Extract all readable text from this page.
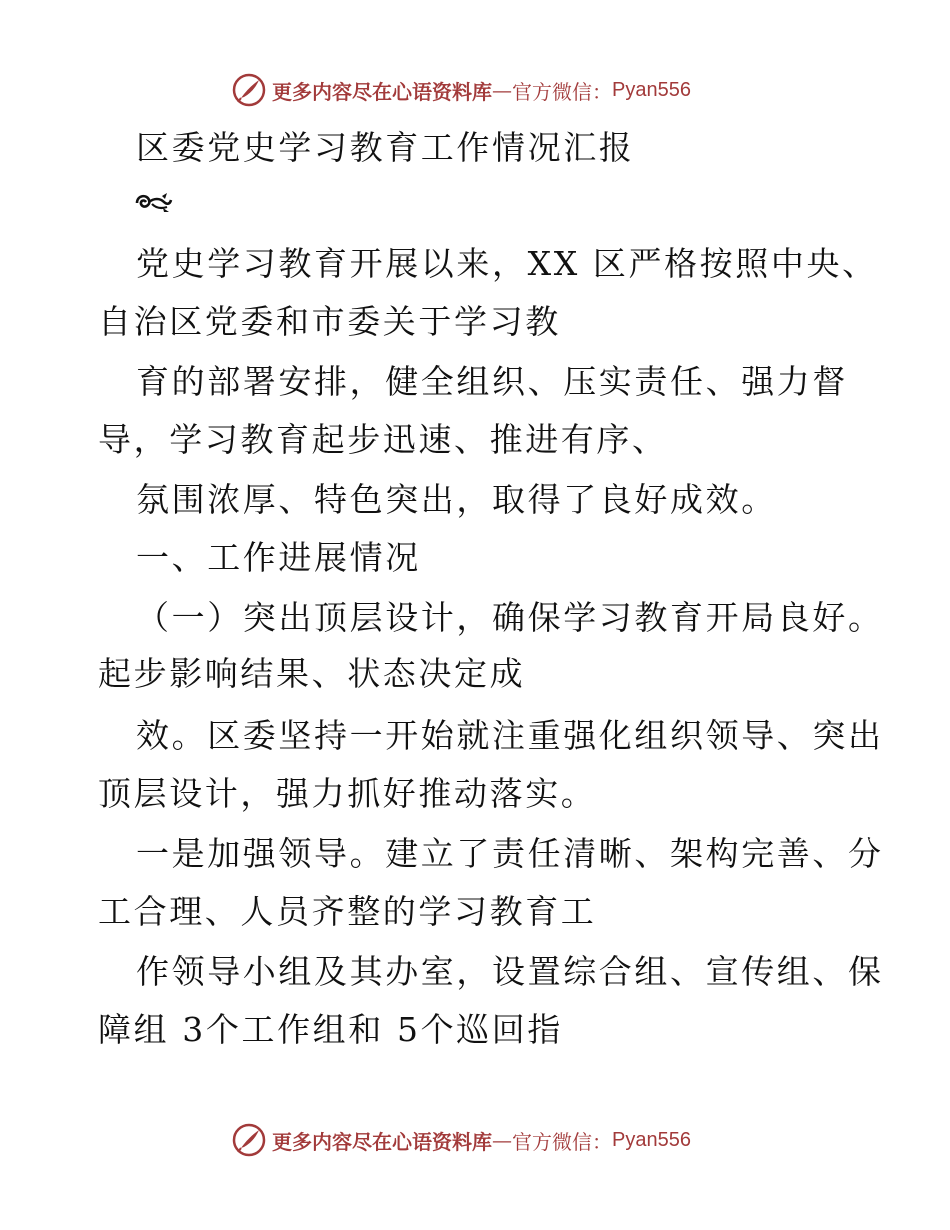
更多内容尽在心语资料库 — 官方微信： Pyan556
区委党史学习教育工作情况汇报
党史学习教育开展以来，XX 区严格按照中央、
自治区党委和市委关于学习教
育的部署安排，健全组织、压实责任、强力督
导，学习教育起步迅速、推进有序、
氛围浓厚、特色突出，取得了良好成效。
一、工作进展情况
（一）突出顶层设计，确保学习教育开局良好。
起步影响结果、状态决定成
效。区委坚持一开始就注重强化组织领导、突出
顶层设计，强力抓好推动落实。
一是加强领导。建立了责任清晰、架构完善、分
工合理、人员齐整的学习教育工
作领导小组及其办室，设置综合组、宣传组、保
障组 3个工作组和 5个巡回指
更多内容尽在心语资料库 — 官方微信： Pyan556
